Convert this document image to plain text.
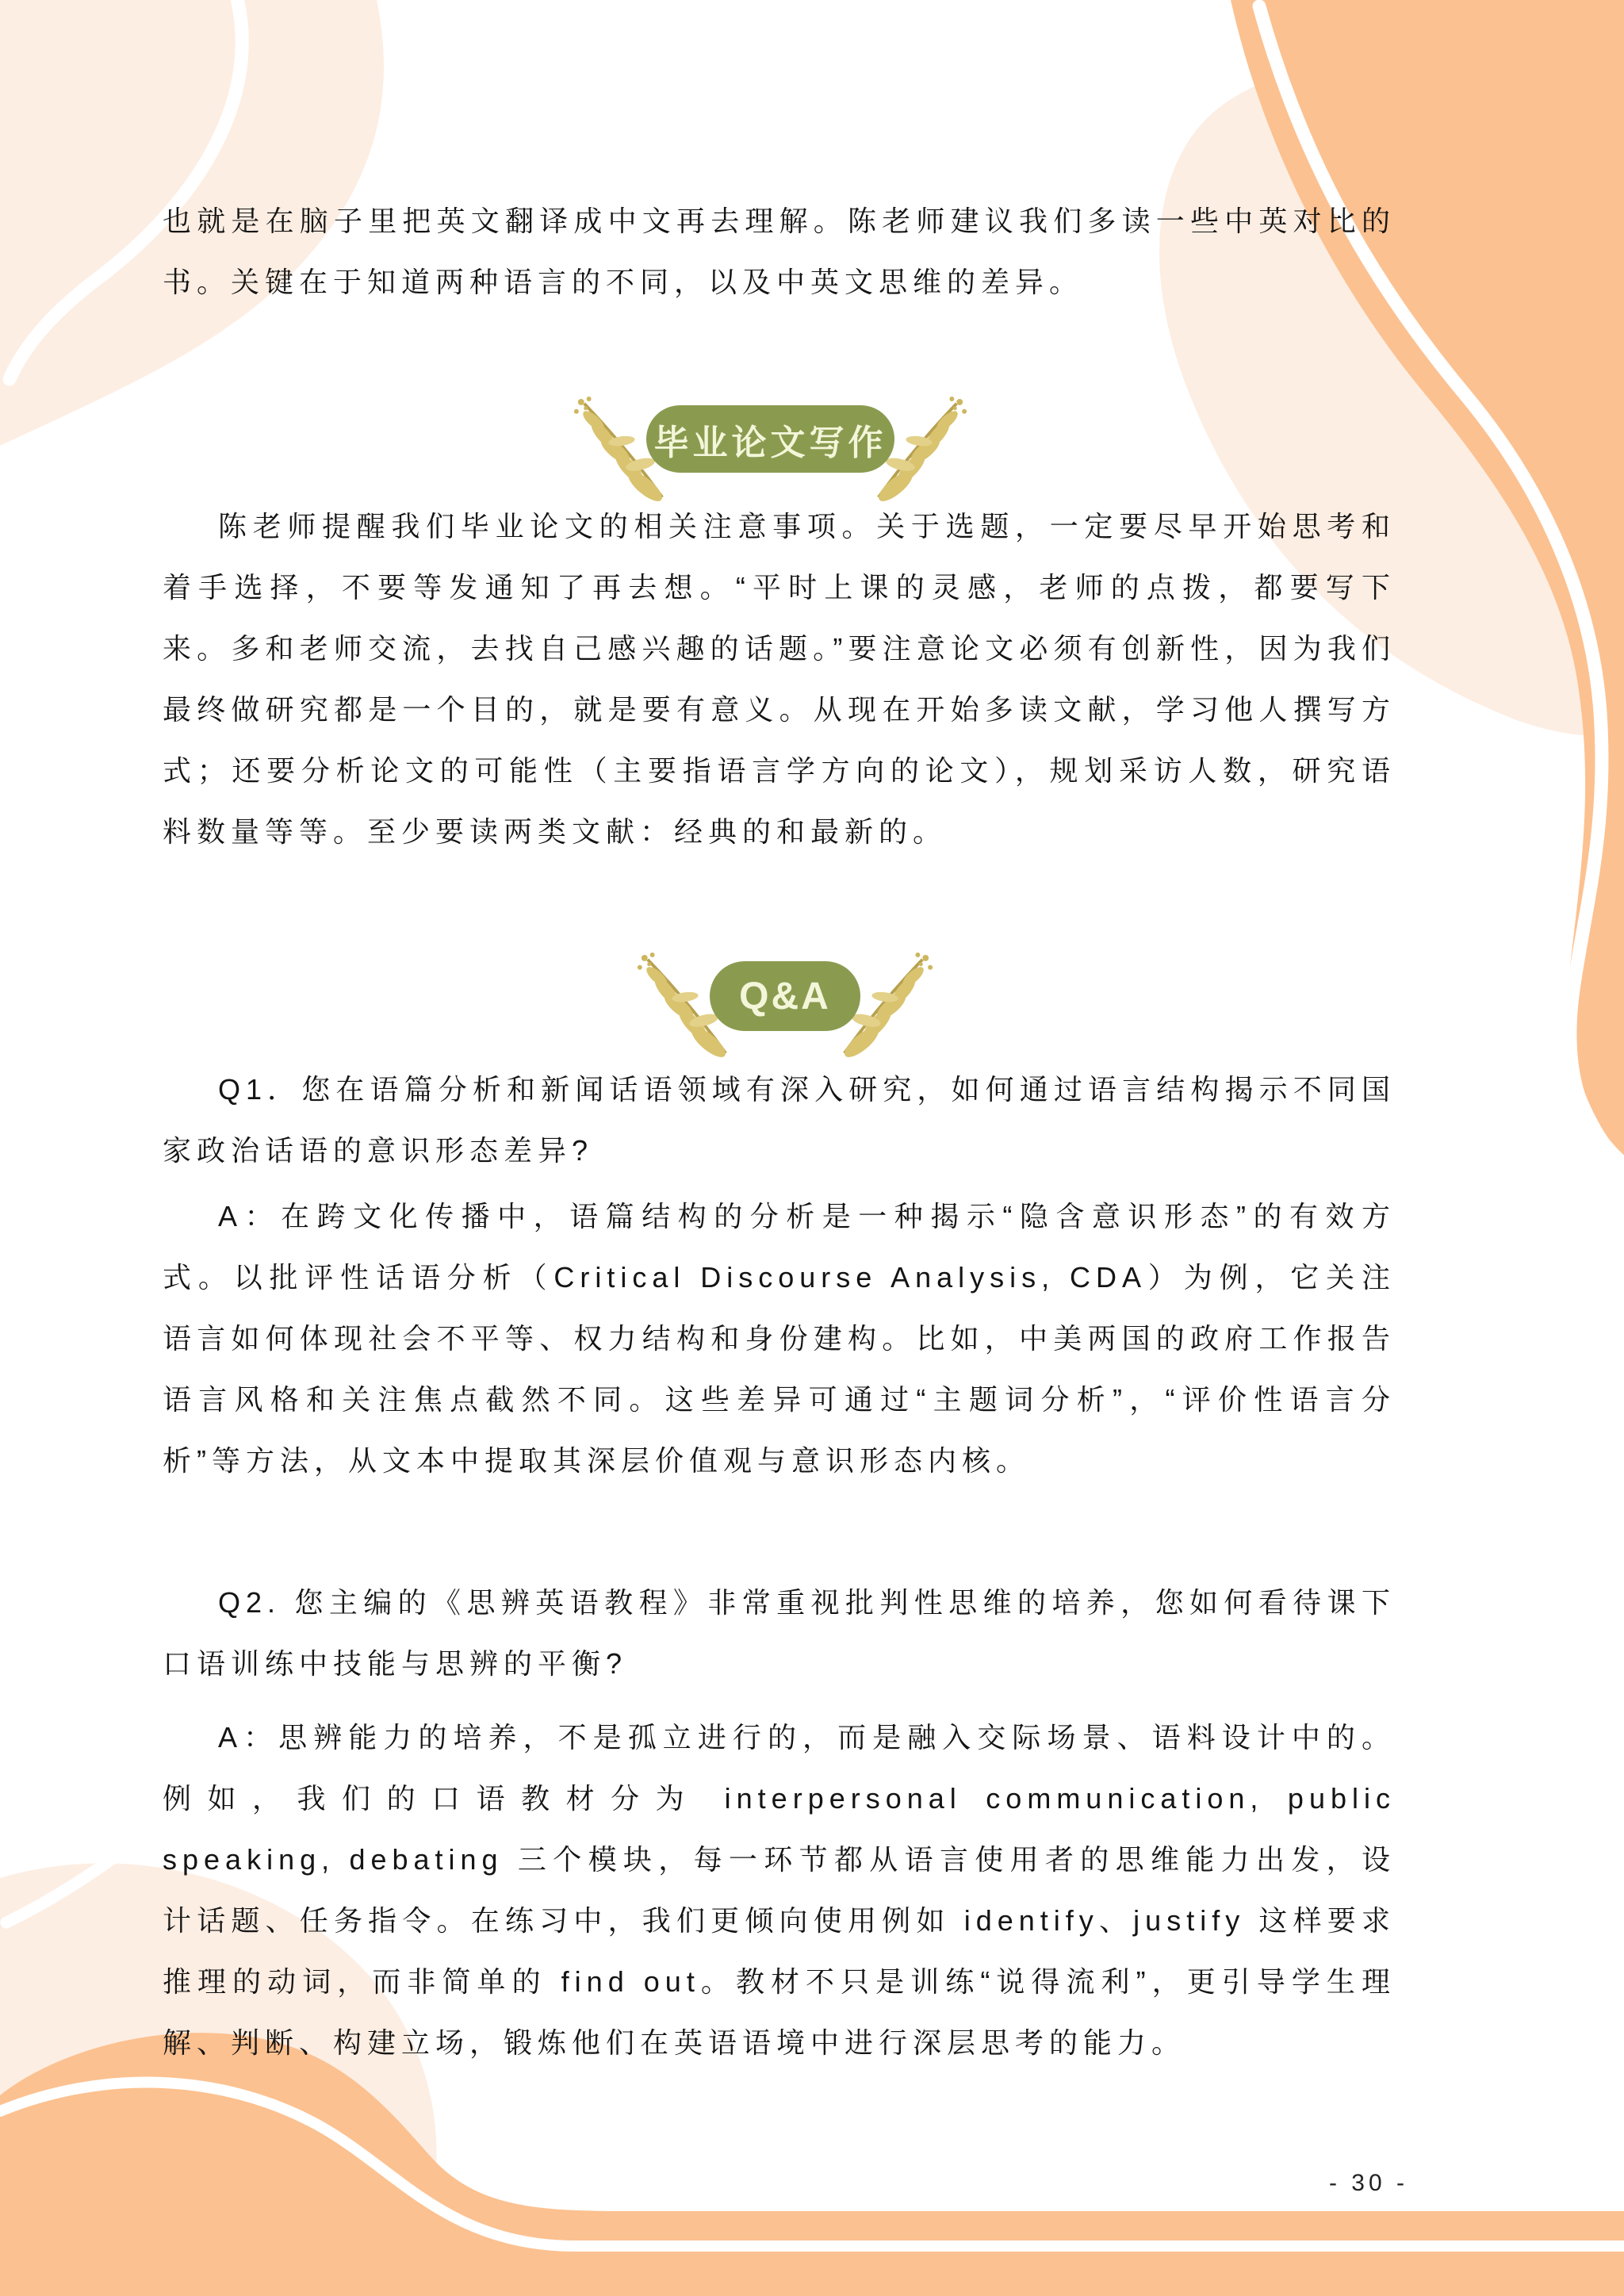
也就是在脑子里把英文翻译成中文再去理解。陈老师建议我们多读一些中英对比的书。关键在于知道两种语言的不同，以及中英文思维的差异。
毕业论文写作
陈老师提醒我们毕业论文的相关注意事项。关于选题，一定要尽早开始思考和着手选择，不要等发通知了再去想。“平时上课的灵感，老师的点拨，都要写下来。多和老师交流，去找自己感兴趣的话题。”要注意论文必须有创新性，因为我们最终做研究都是一个目的，就是要有意义。从现在开始多读文献，学习他人撰写方式；还要分析论文的可能性（主要指语言学方向的论文），规划采访人数，研究语料数量等等。至少要读两类文献：经典的和最新的。
Q&A
Q1．您在语篇分析和新闻话语领域有深入研究，如何通过语言结构揭示不同国家政治话语的意识形态差异?
A：在跨文化传播中，语篇结构的分析是一种揭示“隐含意识形态”的有效方式。以批评性话语分析（Critical Discourse Analysis, CDA）为例，它关注语言如何体现社会不平等、权力结构和身份建构。比如，中美两国的政府工作报告语言风格和关注焦点截然不同。这些差异可通过“主题词分析”，“评价性语言分析”等方法，从文本中提取其深层价值观与意识形态内核。
Q2. 您主编的《思辨英语教程》非常重视批判性思维的培养，您如何看待课下口语训练中技能与思辨的平衡?
A：思辨能力的培养，不是孤立进行的，而是融入交际场景、语料设计中的。例如，我们的口语教材分为 interpersonal communication, public speaking, debating 三个模块，每一环节都从语言使用者的思维能力出发，设计话题、任务指令。在练习中，我们更倾向使用例如 identify、justify 这样要求推理的动词，而非简单的 find out。教材不只是训练“说得流利”，更引导学生理解、判断、构建立场，锻炼他们在英语语境中进行深层思考的能力。
- 30 -
